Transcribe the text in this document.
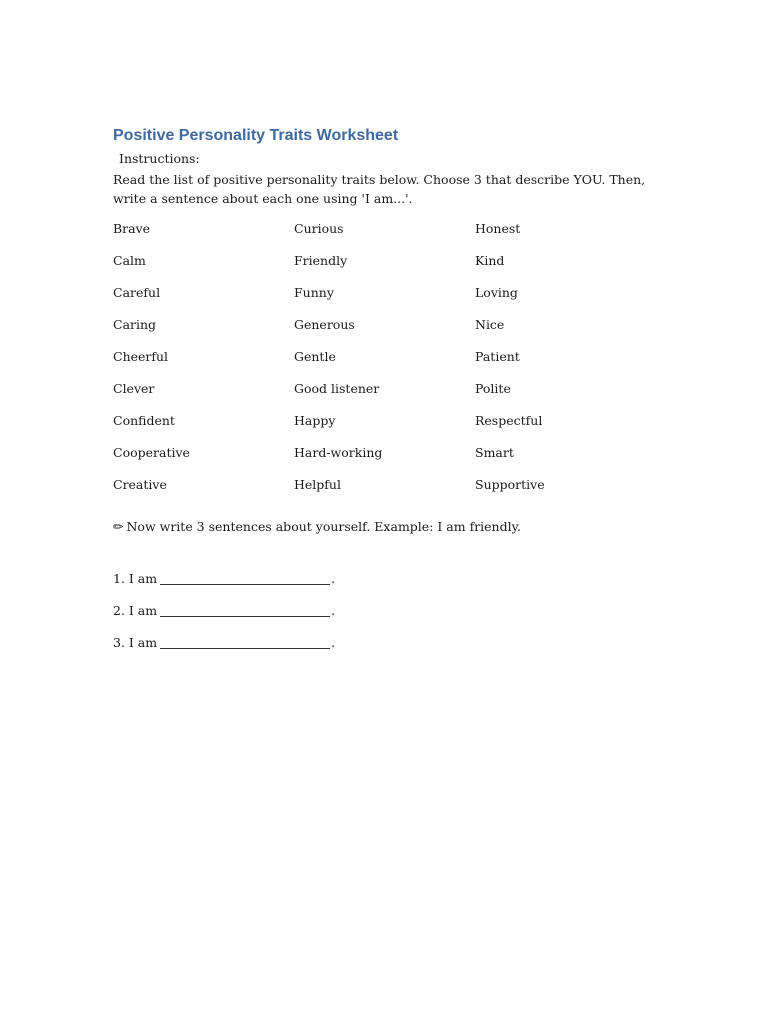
Positive Personality Traits Worksheet
Instructions:
Read the list of positive personality traits below. Choose 3 that describe YOU. Then, write a sentence about each one using 'I am...'.
Brave	Curious	Honest
Calm	Friendly	Kind
Careful	Funny	Loving
Caring	Generous	Nice
Cheerful	Gentle	Patient
Clever	Good listener	Polite
Confident	Happy	Respectful
Cooperative	Hard-working	Smart
Creative	Helpful	Supportive
✏ Now write 3 sentences about yourself. Example: I am friendly.
1. I am	.
2. I am	.
3. I am	.
